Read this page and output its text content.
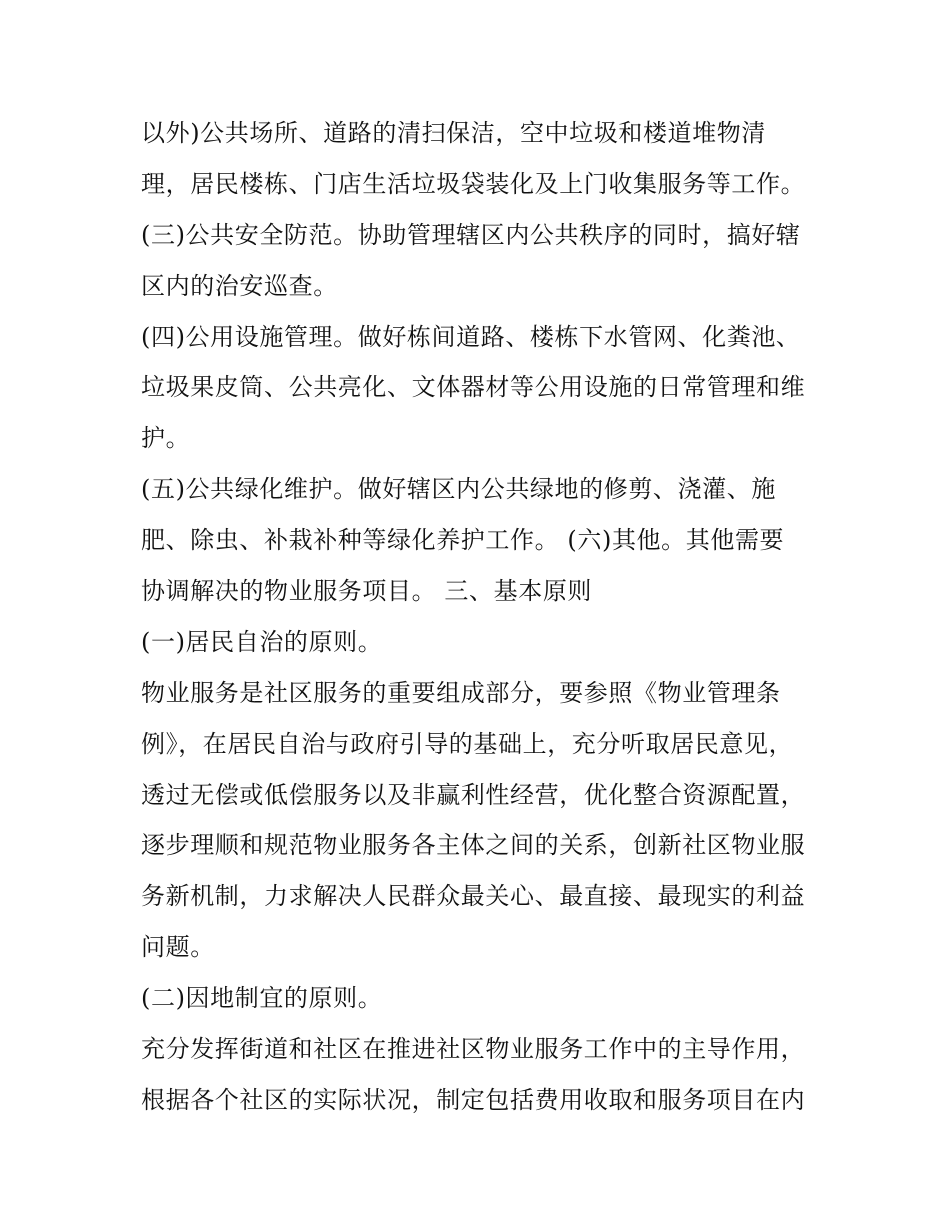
以外)公共场所、道路的清扫保洁，空中垃圾和楼道堆物清
理，居民楼栋、门店生活垃圾袋装化及上门收集服务等工作。
(三)公共安全防范。协助管理辖区内公共秩序的同时，搞好辖
区内的治安巡查。
(四)公用设施管理。做好栋间道路、楼栋下水管网、化粪池、
垃圾果皮筒、公共亮化、文体器材等公用设施的日常管理和维
护。
(五)公共绿化维护。做好辖区内公共绿地的修剪、浇灌、施
肥、除虫、补栽补种等绿化养护工作。 (六)其他。其他需要
协调解决的物业服务项目。 三、基本原则
(一)居民自治的原则。
物业服务是社区服务的重要组成部分，要参照《物业管理条
例》，在居民自治与政府引导的基础上，充分听取居民意见，
透过无偿或低偿服务以及非赢利性经营，优化整合资源配置，
逐步理顺和规范物业服务各主体之间的关系，创新社区物业服
务新机制，力求解决人民群众最关心、最直接、最现实的利益
问题。
(二)因地制宜的原则。
充分发挥街道和社区在推进社区物业服务工作中的主导作用，
根据各个社区的实际状况，制定包括费用收取和服务项目在内
